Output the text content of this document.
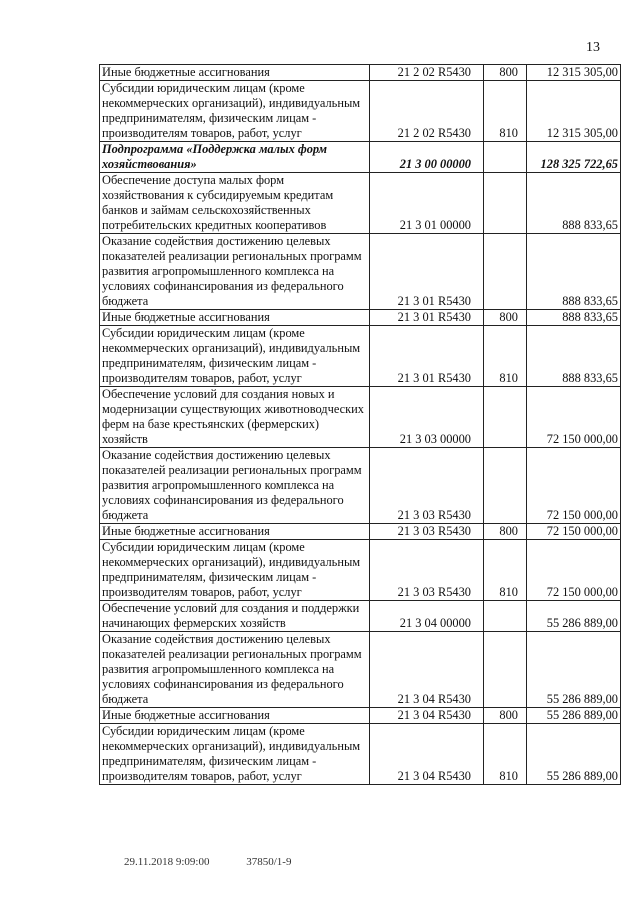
13
Иные бюджетные ассигнования	21 2 02 R5430	800	12 315 305,00
Субсидии юридическим лицам (кроме некоммерческих организаций), индивидуальным предпринимателям, физическим лицам - производителям товаров, работ, услуг	21 2 02 R5430	810	12 315 305,00
Подпрограмма «Поддержка малых форм хозяйствования»	21 3 00 00000		128 325 722,65
Обеспечение доступа малых форм хозяйствования к субсидируемым кредитам банков и займам сельскохозяйственных потребительских кредитных кооперативов	21 3 01 00000		888 833,65
Оказание содействия достижению целевых показателей реализации региональных программ развития агропромышленного комплекса на условиях софинансирования из федерального бюджета	21 3 01 R5430		888 833,65
Иные бюджетные ассигнования	21 3 01 R5430	800	888 833,65
Субсидии юридическим лицам (кроме некоммерческих организаций), индивидуальным предпринимателям, физическим лицам - производителям товаров, работ, услуг	21 3 01 R5430	810	888 833,65
Обеспечение условий для создания новых и модернизации существующих животноводческих ферм на базе крестьянских (фермерских) хозяйств	21 3 03 00000		72 150 000,00
Оказание содействия достижению целевых показателей реализации региональных программ развития агропромышленного комплекса на условиях софинансирования из федерального бюджета	21 3 03 R5430		72 150 000,00
Иные бюджетные ассигнования	21 3 03 R5430	800	72 150 000,00
Субсидии юридическим лицам (кроме некоммерческих организаций), индивидуальным предпринимателям, физическим лицам - производителям товаров, работ, услуг	21 3 03 R5430	810	72 150 000,00
Обеспечение условий для создания и поддержки начинающих фермерских хозяйств	21 3 04 00000		55 286 889,00
Оказание содействия достижению целевых показателей реализации региональных программ развития агропромышленного комплекса на условиях софинансирования из федерального бюджета	21 3 04 R5430		55 286 889,00
Иные бюджетные ассигнования	21 3 04 R5430	800	55 286 889,00
Субсидии юридическим лицам (кроме некоммерческих организаций), индивидуальным предпринимателям, физическим лицам - производителям товаров, работ, услуг	21 3 04 R5430	810	55 286 889,00
29.11.2018 9:09:00	37850/1-9
